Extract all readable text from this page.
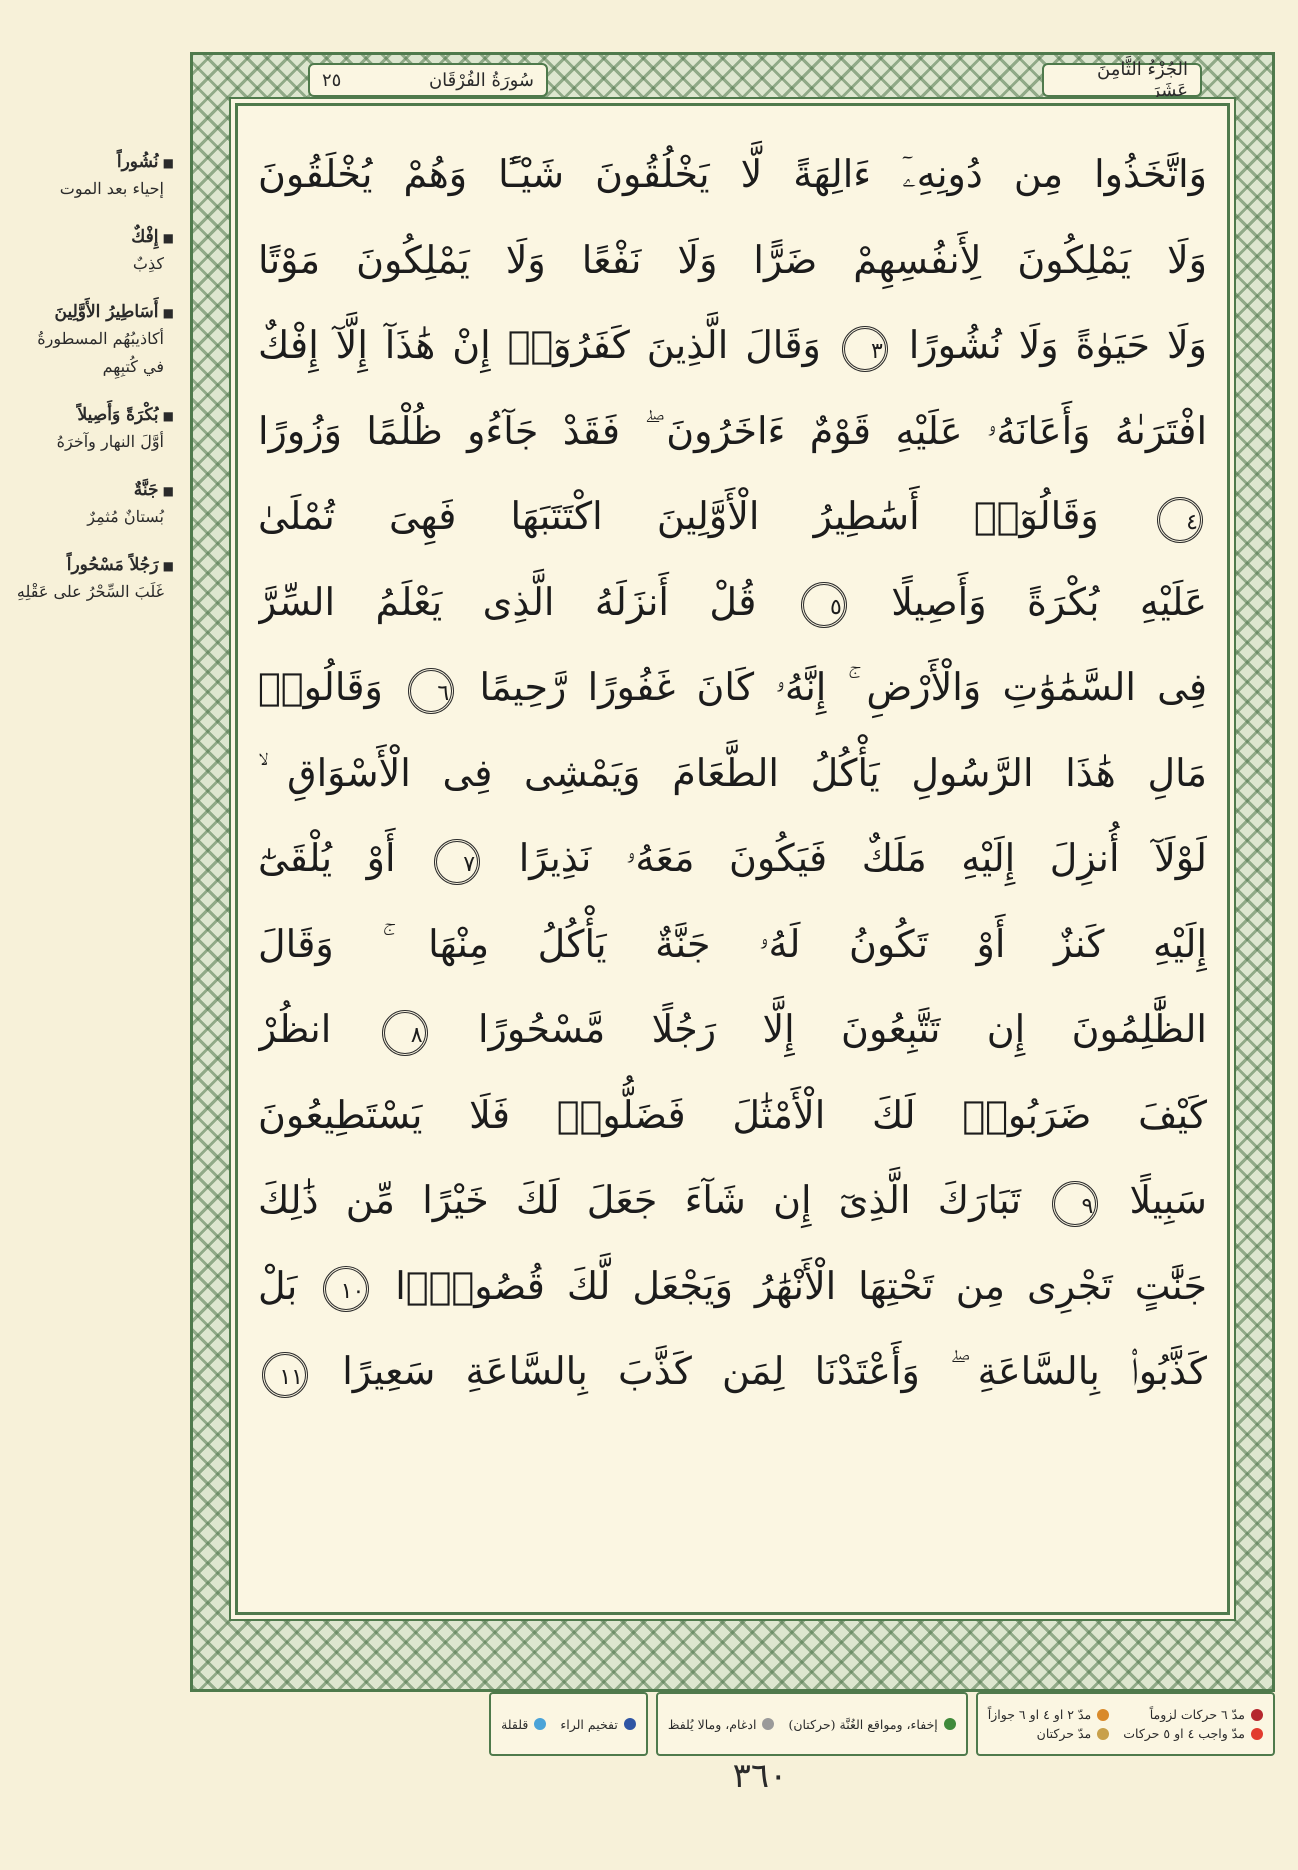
■ نُشُوراً
إحياء بعد الموت
■ إِفْكٌ
كذِبٌ
■ أَسَاطِيرُ الأَوَّلِينَ
أكاذيبُهُم المسطورةُ في كُتبِهِم
■ بُكْرَةً وَأَصِيلاً
أوَّلَ النهار وآخرَهُ
■ جَنَّةٌ
بُستانٌ مُثمِرٌ
■ رَجُلاً مَسْحُوراً
غَلَبَ السِّحْرُ على عَقْلِهِ
الجُزْءُ الثَّامِنَ عَشَرَ
سُورَةُ الفُرْقَان
٢٥
وَاتَّخَذُوا مِن دُونِهِۦٓ ءَالِهَةً لَّا يَخْلُقُونَ شَيْـًٔا وَهُمْ يُخْلَقُونَ
وَلَا يَمْلِكُونَ لِأَنفُسِهِمْ ضَرًّا وَلَا نَفْعًا وَلَا يَمْلِكُونَ مَوْتًا
وَلَا حَيَوٰةً وَلَا نُشُورًا ٣ وَقَالَ الَّذِينَ كَفَرُوٓا۟ إِنْ هَٰذَآ إِلَّآ إِفْكٌ
افْتَرَىٰهُ وَأَعَانَهُۥ عَلَيْهِ قَوْمٌ ءَاخَرُونَ ۖ فَقَدْ جَآءُو ظُلْمًا وَزُورًا
٤ وَقَالُوٓا۟ أَسَٰطِيرُ الْأَوَّلِينَ اكْتَتَبَهَا فَهِىَ تُمْلَىٰ
عَلَيْهِ بُكْرَةً وَأَصِيلًا ٥ قُلْ أَنزَلَهُ الَّذِى يَعْلَمُ السِّرَّ
فِى السَّمَٰوَٰتِ وَالْأَرْضِ ۚ إِنَّهُۥ كَانَ غَفُورًا رَّحِيمًا ٦ وَقَالُوا۟
مَالِ هَٰذَا الرَّسُولِ يَأْكُلُ الطَّعَامَ وَيَمْشِى فِى الْأَسْوَاقِ ۙ
لَوْلَآ أُنزِلَ إِلَيْهِ مَلَكٌ فَيَكُونَ مَعَهُۥ نَذِيرًا ٧ أَوْ يُلْقَىٰٓ
إِلَيْهِ كَنزٌ أَوْ تَكُونُ لَهُۥ جَنَّةٌ يَأْكُلُ مِنْهَا ۚ وَقَالَ
الظَّٰلِمُونَ إِن تَتَّبِعُونَ إِلَّا رَجُلًا مَّسْحُورًا ٨ انظُرْ
كَيْفَ ضَرَبُوا۟ لَكَ الْأَمْثَٰلَ فَضَلُّوا۟ فَلَا يَسْتَطِيعُونَ
سَبِيلًا ٩ تَبَارَكَ الَّذِىٓ إِن شَآءَ جَعَلَ لَكَ خَيْرًا مِّن ذَٰلِكَ
جَنَّٰتٍ تَجْرِى مِن تَحْتِهَا الْأَنْهَٰرُ وَيَجْعَل لَّكَ قُصُورًۢا ١٠ بَلْ
كَذَّبُوا۟ بِالسَّاعَةِ ۖ وَأَعْتَدْنَا لِمَن كَذَّبَ بِالسَّاعَةِ سَعِيرًا ١١
مدّ ٦ حركات لزوماً
مدّ ٢ او ٤ او ٦ جوازاً
مدّ واجب ٤ او ٥ حركات
مدّ حركتان
إخفاء، ومواقع الغُنَّة (حركتان)
ادغام، ومالا يُلفظ
تفخيم الراء
قلقلة
٣٦٠
